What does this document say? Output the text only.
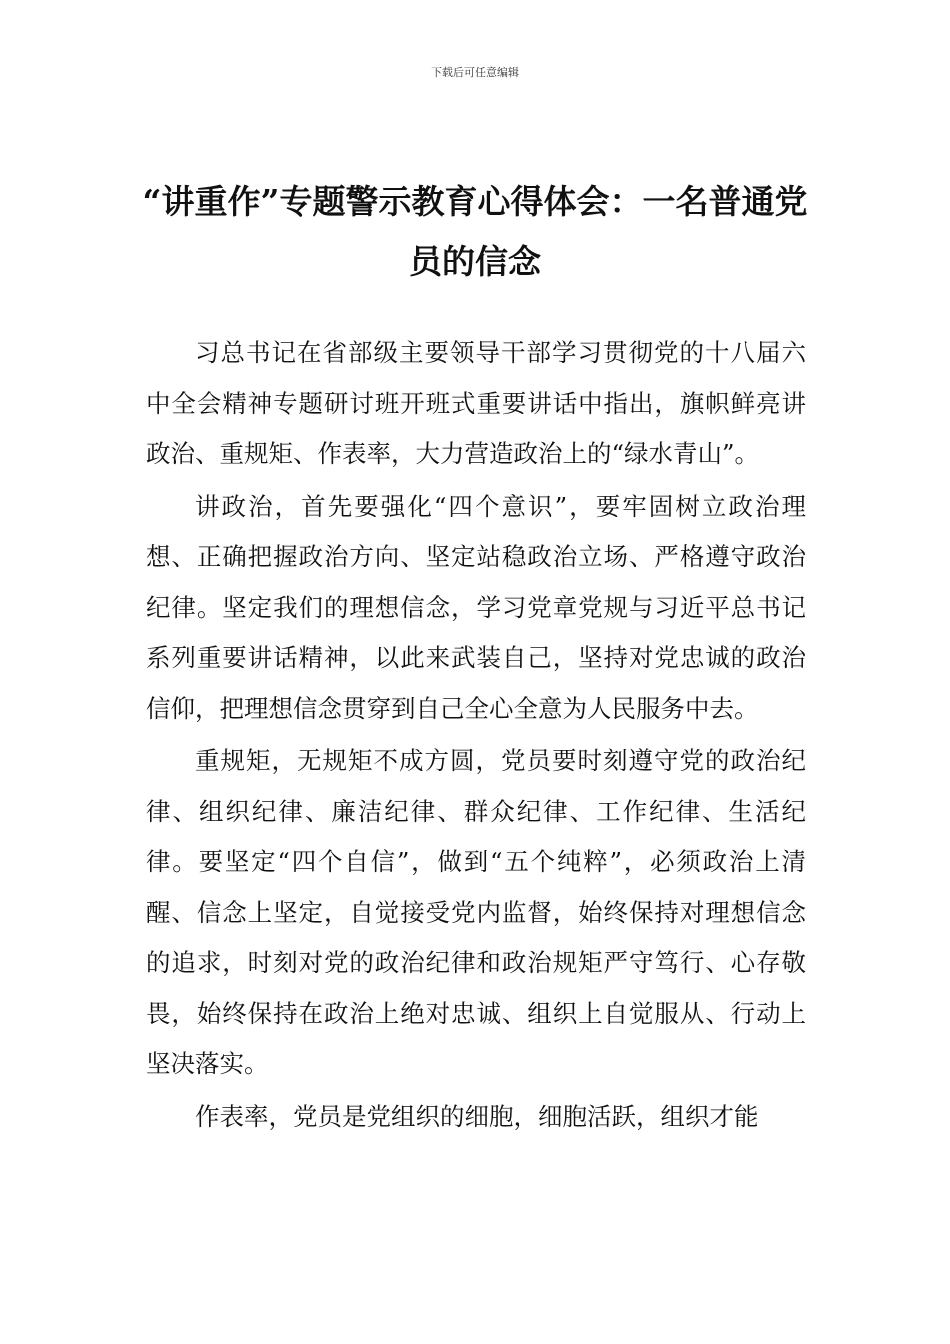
下载后可任意编辑
“讲重作”专题警示教育心得体会：一名普通党员的信念

习总书记在省部级主要领导干部学习贯彻党的十八届六中全会精神专题研讨班开班式重要讲话中指出，旗帜鲜亮讲政治、重规矩、作表率，大力营造政治上的“绿水青山”。

讲政治，首先要强化“四个意识”，要牢固树立政治理想、正确把握政治方向、坚定站稳政治立场、严格遵守政治纪律。坚定我们的理想信念，学习党章党规与习近平总书记系列重要讲话精神，以此来武装自己，坚持对党忠诚的政治信仰，把理想信念贯穿到自己全心全意为人民服务中去。

重规矩，无规矩不成方圆，党员要时刻遵守党的政治纪律、组织纪律、廉洁纪律、群众纪律、工作纪律、生活纪律。要坚定“四个自信”，做到“五个纯粹”，必须政治上清醒、信念上坚定，自觉接受党内监督，始终保持对理想信念的追求，时刻对党的政治纪律和政治规矩严守笃行、心存敬畏，始终保持在政治上绝对忠诚、组织上自觉服从、行动上坚决落实。

作表率，党员是党组织的细胞，细胞活跃，组织才能
